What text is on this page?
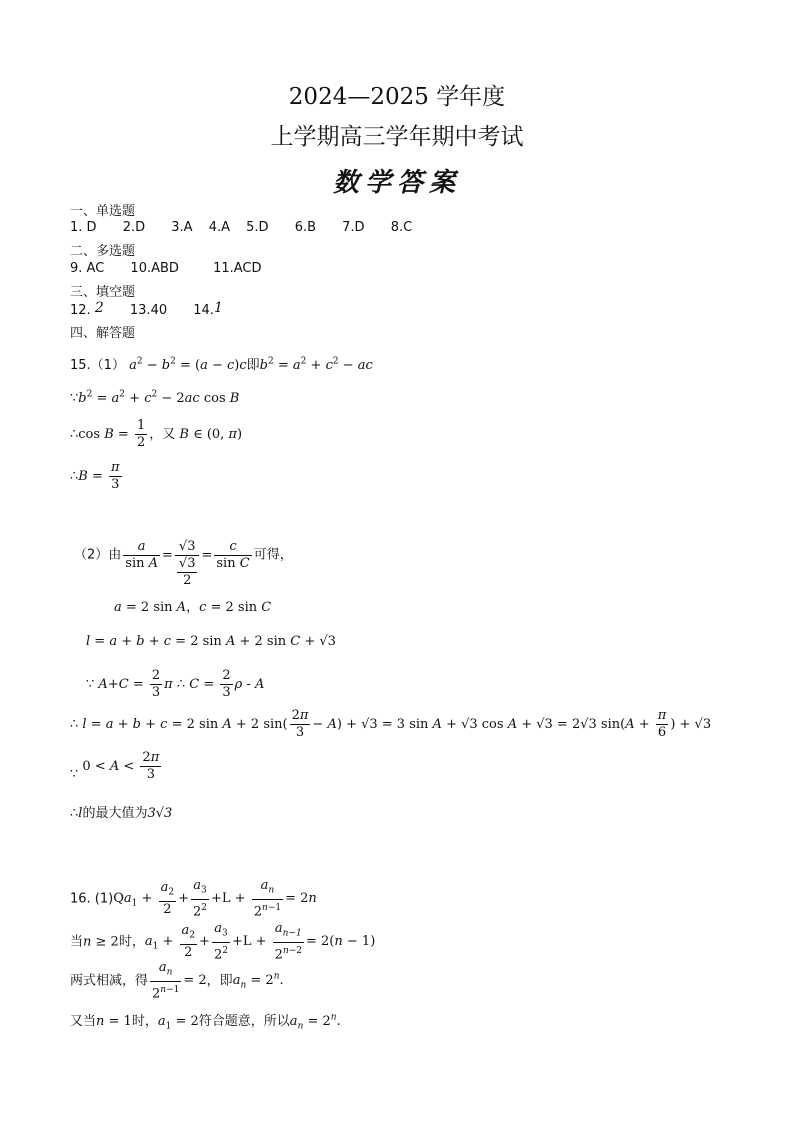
2024—2025 学年度
上学期高三学年期中考试
数学答案
一、单选题
1. D 2.D 3.A 4.A 5.D 6.B 7.D 8.C
二、多选题
9. AC 10.ABD	11.ACD
三、填空题
12. 2 13.40 14.1
四、解答题
15.（1） $a^2 - b^2 = (a - c)c$即$b^2 = a^2 + c^2$ − ac
$\because b^2 = a^2 + c^2 - 2ac$ cos B
∴cos $B = \frac{1}{2}$ ，又 B ∈ (0, π)
∴B = $\frac{\pi}{3}$
（2）由 $\frac{a}{\text{sin A}} = \frac{√3}{\frac{√3}{2}} = \frac{c}{\text{sin C}}$ 可得，
a = 2 sin A，c = 2 sin C
l = a + b + c = 2 sin A + 2 sin C + √3
∵ $A+C = \frac{2}{3}$ π ∴ $C = \frac{2}{3}$ ρ - A
∴ l = a + b + c = 2 sin A + 2 $\sin( \frac{2\pi}{3} - A) + √3 = 3$ sin A + √3 cos A + √3 = 2√3 $\sin(A + \frac{\pi}{6}$ ) + √3
∵ $0 < A < \frac{2\pi}{3}$
∴l的最大值为3√3
16. $(1)Qa_1 + \frac{a_2}{2} + \frac{a_3}{2^2} +L + \frac{a_n}{2^{n-1}} = 2n$
当n ≥ 2时，$a_1 + \frac{a_2}{2} + \frac{a_3}{2^2} +L + \frac{a_{n-1}}{2^{n-2}} = 2(n - 1)$
两式相减，得 $\frac{a_n}{2^{n-1}} = 2$，即$a_n = 2^n$.
又当n = 1时，$a_1 = 2$符合题意，所以$a_n = 2^n$.
